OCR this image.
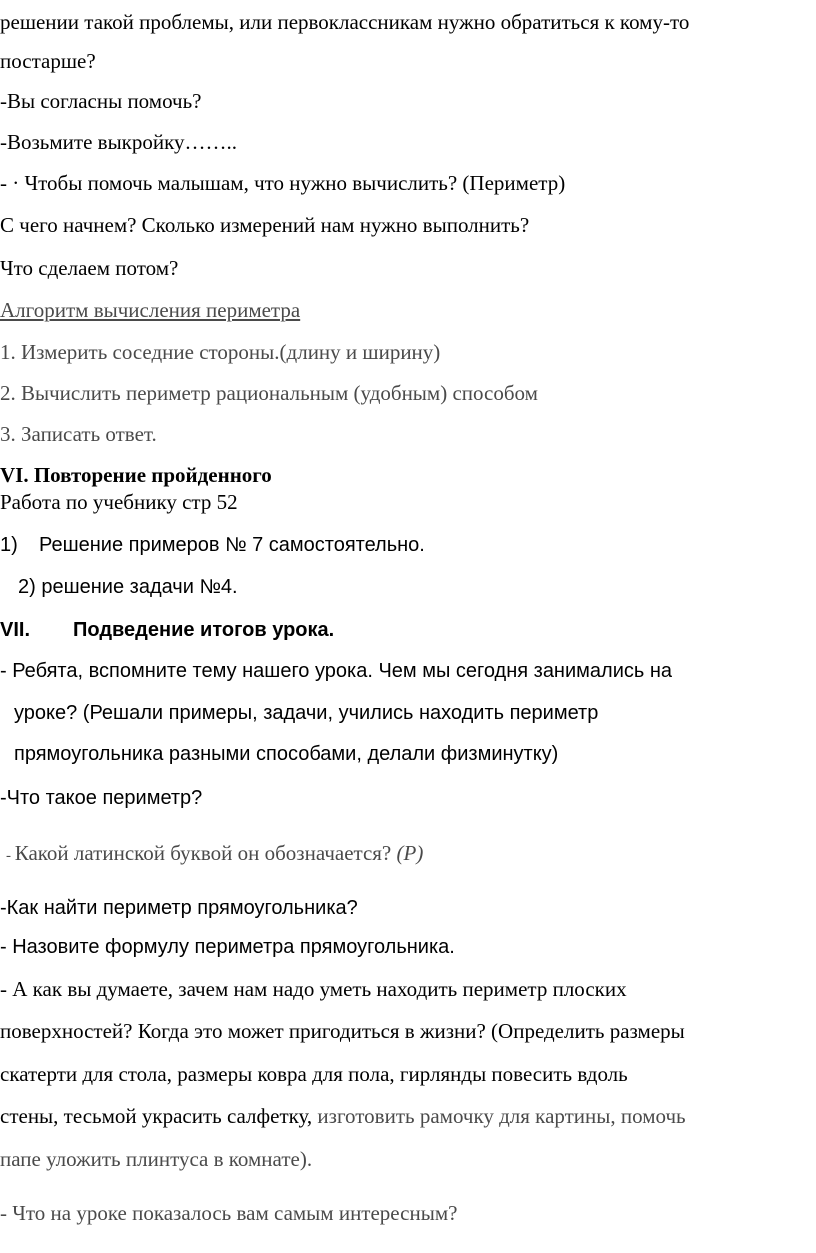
решении такой проблемы, или первоклассникам нужно обратиться к кому-то
постарше?
-Вы согласны помочь?
-Возьмите выкройку……..
- · Чтобы помочь малышам, что нужно вычислить? (Периметр)
С чего начнем? Сколько измерений нам нужно выполнить?
Что сделаем потом?
Алгоритм вычисления периметра
1. Измерить соседние стороны.(длину и ширину)
2. Вычислить периметр рациональным (удобным) способом
3. Записать ответ.
VI. Повторение пройденного
Работа по учебнику стр 52
1) Решение примеров № 7 самостоятельно.
2) решение задачи №4.
VII. Подведение итогов урока.
- Ребята, вспомните тему нашего урока. Чем мы сегодня занимались на
уроке? (Решали примеры, задачи, учились находить периметр
прямоугольника разными способами, делали физминутку)
-Что такое периметр?
- Какой латинской буквой он обозначается? (Р)
-Как найти периметр прямоугольника?
- Назовите формулу периметра прямоугольника.
- А как вы думаете, зачем нам надо уметь находить периметр плоских
поверхностей? Когда это может пригодиться в жизни? (Определить размеры
скатерти для стола, размеры ковра для пола, гирлянды повесить вдоль
стены, тесьмой украсить салфетку, изготовить рамочку для картины, помочь
папе уложить плинтуса в комнате).
- Что на уроке показалось вам самым интересным?
